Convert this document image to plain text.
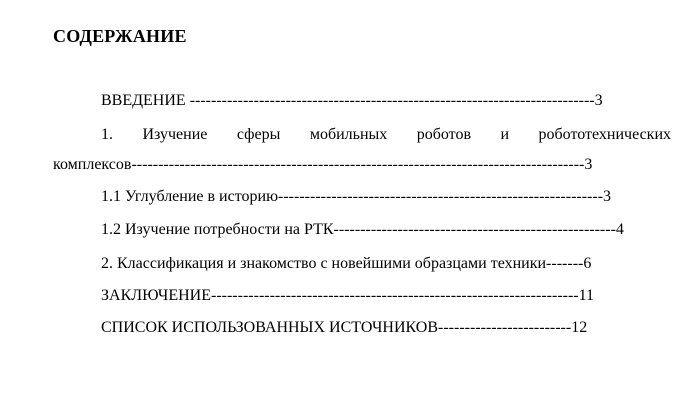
СОДЕРЖАНИЕ
ВВЕДЕНИЕ ----------------------------------------------------------------------------3
1. Изучение сферы мобильных роботов и робототехнических
комплексов-------------------------------------------------------------------------------------3
1.1 Углубление в историю-------------------------------------------------------------3
1.2 Изучение потребности на РТК-----------------------------------------------------4
2. Классификация и знакомство с новейшими образцами техники-------6
ЗАКЛЮЧЕНИЕ---------------------------------------------------------------------11
СПИСОК ИСПОЛЬЗОВАННЫХ ИСТОЧНИКОВ-------------------------12
